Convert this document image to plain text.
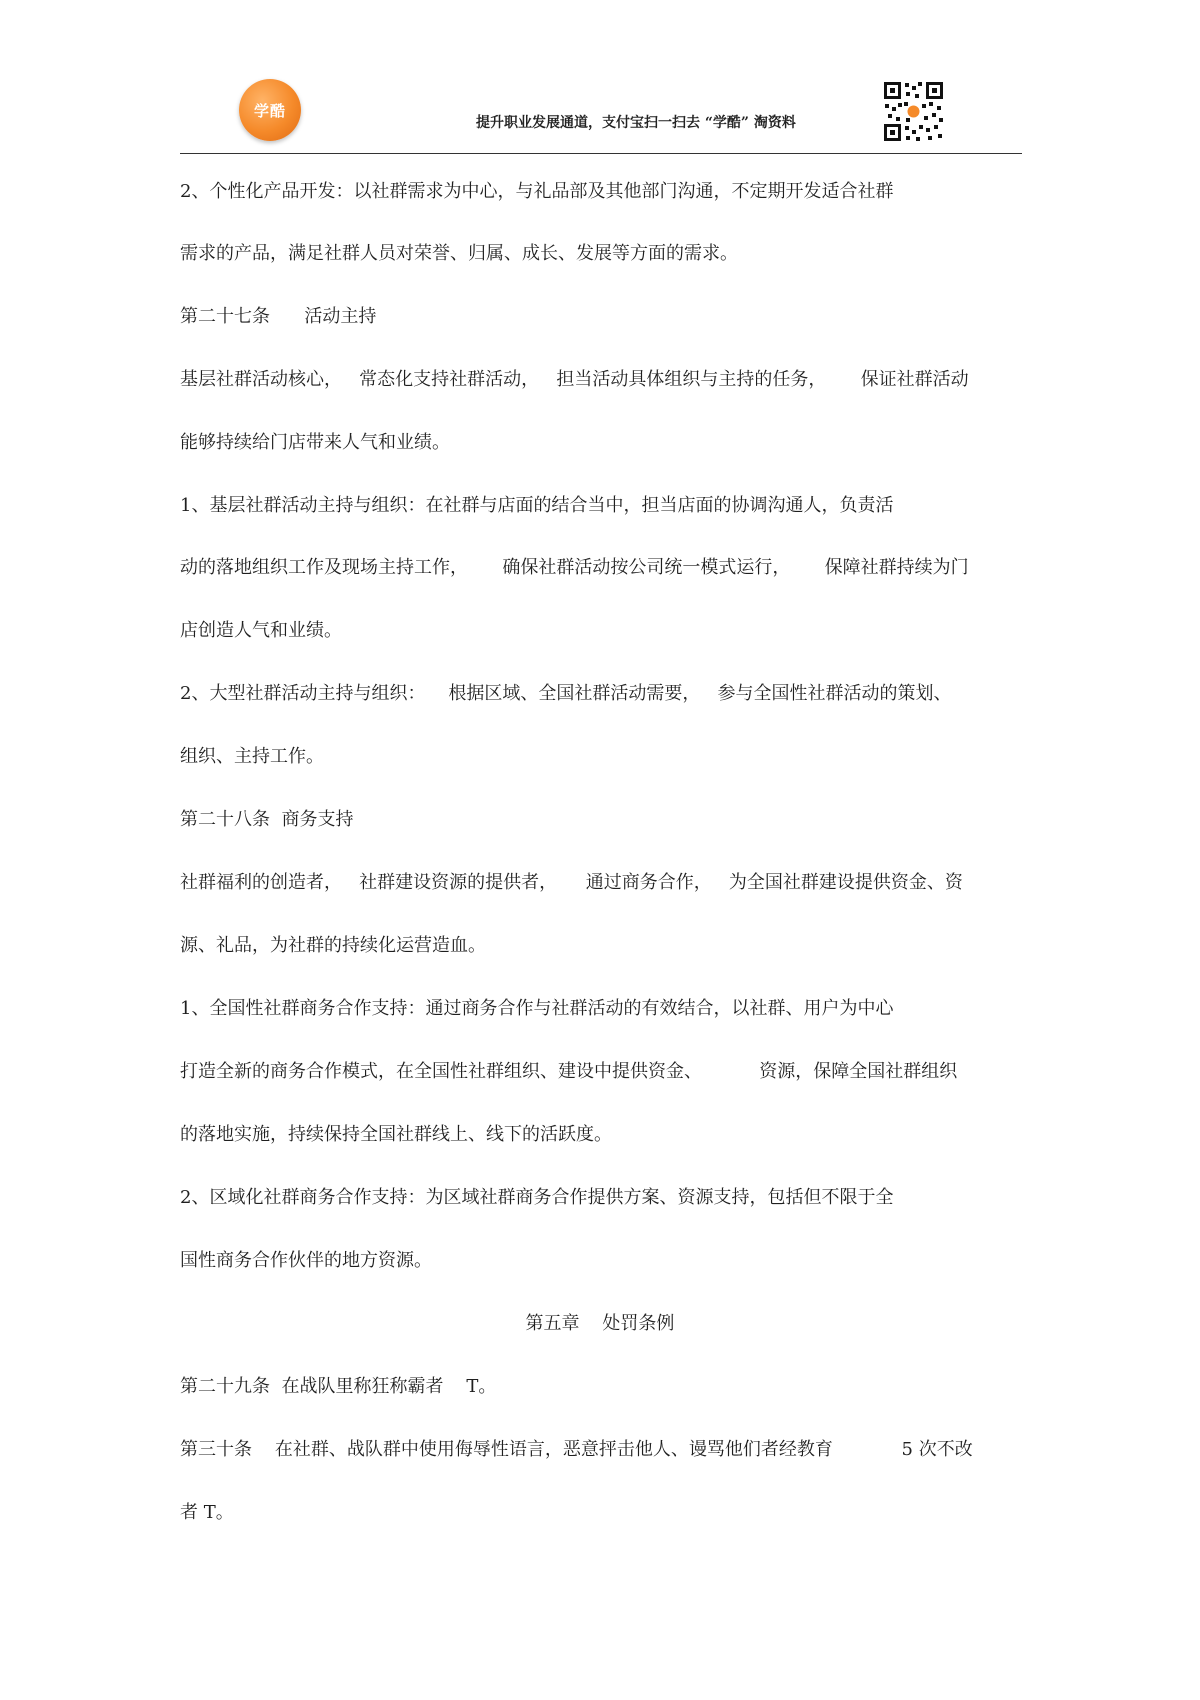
学酷
提升职业发展通道，支付宝扫一扫去 “学酷” 淘资料
2、个性化产品开发：以社群需求为中心，与礼品部及其他部门沟通，不定期开发适合社群
需求的产品，满足社群人员对荣誉、归属、成长、发展等方面的需求。
第二十七条      活动主持
基层社群活动核心，   常态化支持社群活动，   担当活动具体组织与主持的任务，      保证社群活动
能够持续给门店带来人气和业绩。
1、基层社群活动主持与组织：在社群与店面的结合当中，担当店面的协调沟通人，负责活
动的落地组织工作及现场主持工作，      确保社群活动按公司统一模式运行，      保障社群持续为门
店创造人气和业绩。
2、大型社群活动主持与组织：    根据区域、全国社群活动需要，   参与全国性社群活动的策划、
组织、主持工作。
第二十八条  商务支持
社群福利的创造者，   社群建设资源的提供者，     通过商务合作，   为全国社群建设提供资金、资
源、礼品，为社群的持续化运营造血。
1、全国性社群商务合作支持：通过商务合作与社群活动的有效结合，以社群、用户为中心
打造全新的商务合作模式，在全国性社群组织、建设中提供资金、          资源，保障全国社群组织
的落地实施，持续保持全国社群线上、线下的活跃度。
2、区域化社群商务合作支持：为区域社群商务合作提供方案、资源支持，包括但不限于全
国性商务合作伙伴的地方资源。
第五章    处罚条例
第二十九条  在战队里称狂称霸者    T。
第三十条    在社群、战队群中使用侮辱性语言，恶意抨击他人、谩骂他们者经教育            5 次不改
者 T。
